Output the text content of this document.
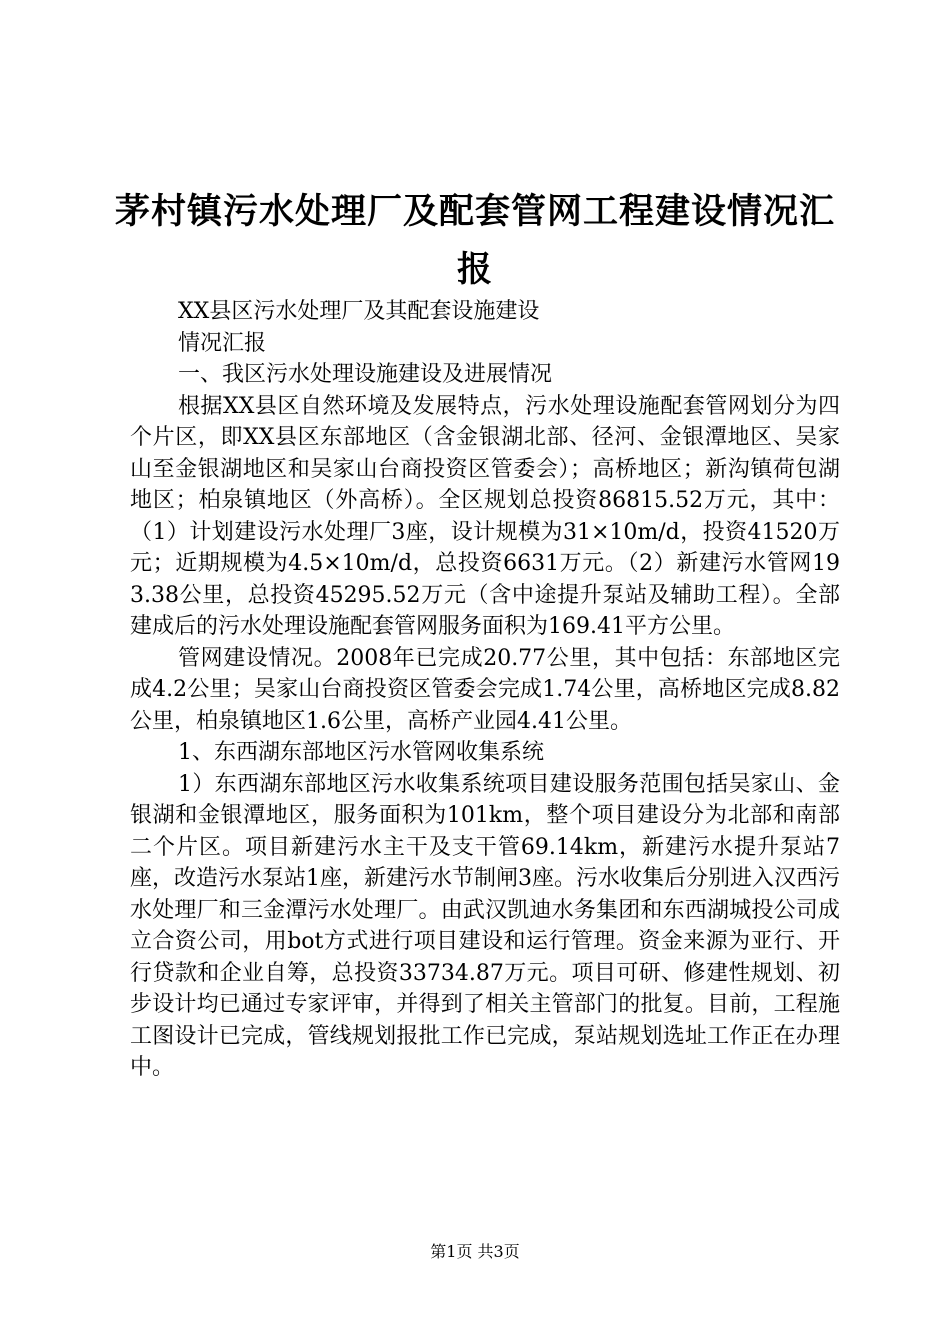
茅村镇污水处理厂及配套管网工程建设情况汇报

XX县区污水处理厂及其配套设施建设

情况汇报

一、我区污水处理设施建设及进展情况

根据XX县区自然环境及发展特点，污水处理设施配套管网划分为四个片区，即XX县区东部地区（含金银湖北部、径河、金银潭地区、吴家山至金银湖地区和吴家山台商投资区管委会）；高桥地区；新沟镇荷包湖地区；柏泉镇地区（外高桥）。全区规划总投资86815.52万元，其中：（1）计划建设污水处理厂3座，设计规模为31×10m/d，投资41520万元；近期规模为4.5×10m/d，总投资6631万元。（2）新建污水管网193.38公里，总投资45295.52万元（含中途提升泵站及辅助工程）。全部建成后的污水处理设施配套管网服务面积为169.41平方公里。

管网建设情况。2008年已完成20.77公里，其中包括：东部地区完成4.2公里；吴家山台商投资区管委会完成1.74公里，高桥地区完成8.82公里，柏泉镇地区1.6公里，高桥产业园4.41公里。

1、东西湖东部地区污水管网收集系统

1）东西湖东部地区污水收集系统项目建设服务范围包括吴家山、金银湖和金银潭地区，服务面积为101km，整个项目建设分为北部和南部二个片区。项目新建污水主干及支干管69.14km，新建污水提升泵站7座，改造污水泵站1座，新建污水节制闸3座。污水收集后分别进入汉西污水处理厂和三金潭污水处理厂。由武汉凯迪水务集团和东西湖城投公司成立合资公司，用bot方式进行项目建设和运行管理。资金来源为亚行、开行贷款和企业自筹，总投资33734.87万元。项目可研、修建性规划、初步设计均已通过专家评审，并得到了相关主管部门的批复。目前，工程施工图设计已完成，管线规划报批工作已完成，泵站规划选址工作正在办理中。

第1页 共3页
